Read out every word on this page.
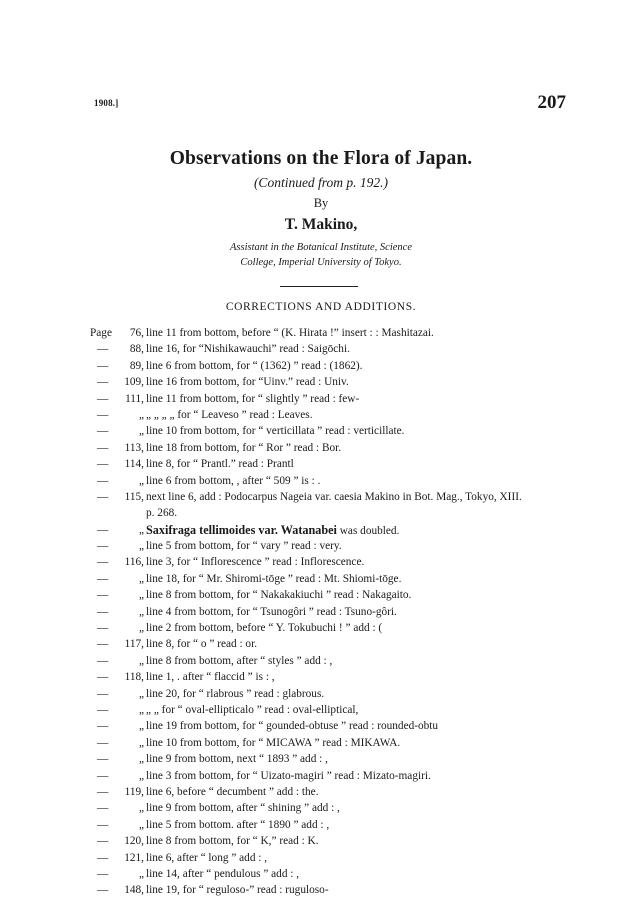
1908.]	207
Observations on the Flora of Japan.
(Continued from p. 192.)
By
T. Makino,
Assistant in the Botanical Institute, Science
College, Imperial University of Tokyo.
CORRECTIONS AND ADDITIONS.
Page 76, line 11 from bottom, before “ (K. Hirata !” insert : : Mashitazai.
— 88, line 16, for “Nishikawauchi” read : Saigōchi.
— 89, line 6 from bottom, for “ (1362) ” read : (1862).
— 109, line 16 from bottom, for “Uinv.” read : Univ.
— 111, line 11 from bottom, for “ slightly ” read : few-
—	„ „ „ „ „ for “ Leaveso ” read : Leaves.
—	„ line 10 from bottom, for “ verticillata ” read : verticillate.
— 113, line 18 from bottom, for “ Ror ” read : Bor.
— 114, line 8, for “ Prantl.” read : Prantl
—	„ line 6 from bottom, , after “ 509 ” is : .
— 115, next line 6, add : Podocarpus Nageia var. caesia Makino in Bot. Mag., Tokyo, XIII.
p. 268.
—	„ Saxifraga tellimoides var. Watanabei was doubled.
—	„ line 5 from bottom, for “ vary ” read : very.
— 116, line 3, for “ Inflorescence ” read : Inflorescence.
—	„ line 18, for “ Mr. Shiromi-tōge ” read : Mt. Shiomi-tōge.
—	„ line 8 from bottom, for “ Nakakakiuchi ” read : Nakagaito.
—	„ line 4 from bottom, for “ Tsunogôri ” read : Tsuno-gôri.
—	„ line 2 from bottom, before “ Y. Tokubuchi ! ” add : (
— 117, line 8, for “ o ” read : or.
—	„ line 8 from bottom, after “ styles ” add : ,
— 118, line 1, . after “ flaccid ” is : ,
—	„ line 20, for “ rlabrous ” read : glabrous.
—	„ „ „ for “ oval-ellipticalo ” read : oval-elliptical,
—	„ line 19 from bottom, for “ gounded-obtuse ” read : rounded-obtu
—	„ line 10 from bottom, for “ MICAWA ” read : MIKAWA.
—	„ line 9 from bottom, next “ 1893 ” add : ,
—	„ line 3 from bottom, for “ Uizato-magiri ” read : Mizato-magiri.
— 119, line 6, before “ decumbent ” add : the.
—	„ line 9 from bottom, after “ shining ” add : ,
—	„ line 5 from bottom. after “ 1890 ” add : ,
— 120, line 8 from bottom, for “ K,” read : K.
— 121, line 6, after “ long ” add : ,
—	„ line 14, after “ pendulous ” add : ,
— 148, line 19, for “ reguloso-” read : ruguloso-
